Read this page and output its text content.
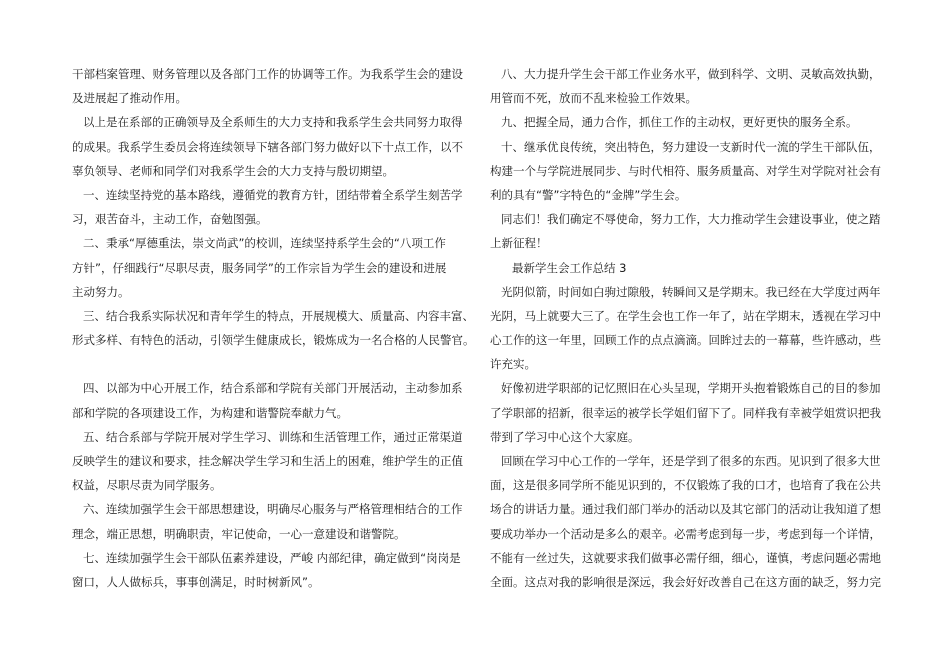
干部档案管理、财务管理以及各部门工作的协调等工作。为我系学生会的建设
及进展起了推动作用。
以上是在系部的正确领导及全系师生的大力支持和我系学生会共同努力取得
的成果。我系学生委员会将连续领导下辖各部门努力做好以下十点工作，以不
辜负领导、老师和同学们对我系学生会的大力支持与殷切期望。
一、连续坚持党的基本路线，遵循党的教育方针，团结带着全系学生刻苦学
习，艰苦奋斗，主动工作，奋勉图强。
二、秉承“厚德重法，崇文尚武”的校训，连续坚持系学生会的“八项工作
方针”，仔细践行“尽职尽责，服务同学”的工作宗旨为学生会的建设和进展
主动努力。
三、结合我系实际状况和青年学生的特点，开展规模大、质量高、内容丰富、
形式多样、有特色的活动，引领学生健康成长，锻炼成为一名合格的人民警官。
四、以部为中心开展工作，结合系部和学院有关部门开展活动，主动参加系
部和学院的各项建设工作，为构建和谐警院奉献力气。
五、结合系部与学院开展对学生学习、训练和生活管理工作，通过正常渠道
反映学生的建议和要求，挂念解决学生学习和生活上的困难，维护学生的正值
权益，尽职尽责为同学服务。
六、连续加强学生会干部思想建设，明确尽心服务与严格管理相结合的工作
理念，端正思想，明确职责，牢记使命，一心一意建设和谐警院。
七、连续加强学生会干部队伍素养建设，严峻 内部纪律，确定做到“岗岗是
窗口，人人做标兵，事事创满足，时时树新风”。
八、大力提升学生会干部工作业务水平，做到科学、文明、灵敏高效执勤，
用管而不死，放而不乱来检验工作效果。
九、把握全局，通力合作，抓住工作的主动权，更好更快的服务全系。
十、继承优良传统，突出特色，努力建设一支新时代一流的学生干部队伍，
构建一个与学院进展同步、与时代相符、服务质量高、对学生对学院对社会有
利的具有“警”字特色的“金牌”学生会。
同志们！我们确定不辱使命，努力工作，大力推动学生会建设事业，使之踏
上新征程！
最新学生会工作总结 3
光阴似箭，时间如白驹过隙般，转瞬间又是学期末。我已经在大学度过两年
光阴，马上就要大三了。在学生会也工作一年了，站在学期末，透视在学习中
心工作的这一年里，回顾工作的点点滴滴。回眸过去的一幕幕，些许感动，些
许充实。
好像初进学职部的记忆照旧在心头呈现，学期开头抱着锻炼自己的目的参加
了学职部的招新，很幸运的被学长学姐们留下了。同样我有幸被学姐赏识把我
带到了学习中心这个大家庭。
回顾在学习中心工作的一学年，还是学到了很多的东西。见识到了很多大世
面，这是很多同学所不能见识到的，不仅锻炼了我的口才，也培育了我在公共
场合的讲话力量。通过我们部门举办的活动以及其它部门的活动让我知道了想
要成功举办一个活动是多么的艰辛。必需考虑到每一步，考虑到每一个详情，
不能有一丝过失，这就要求我们做事必需仔细，细心，谨慎，考虑问题必需地
全面。这点对我的影响很是深远，我会好好改善自己在这方面的缺乏，努力完
